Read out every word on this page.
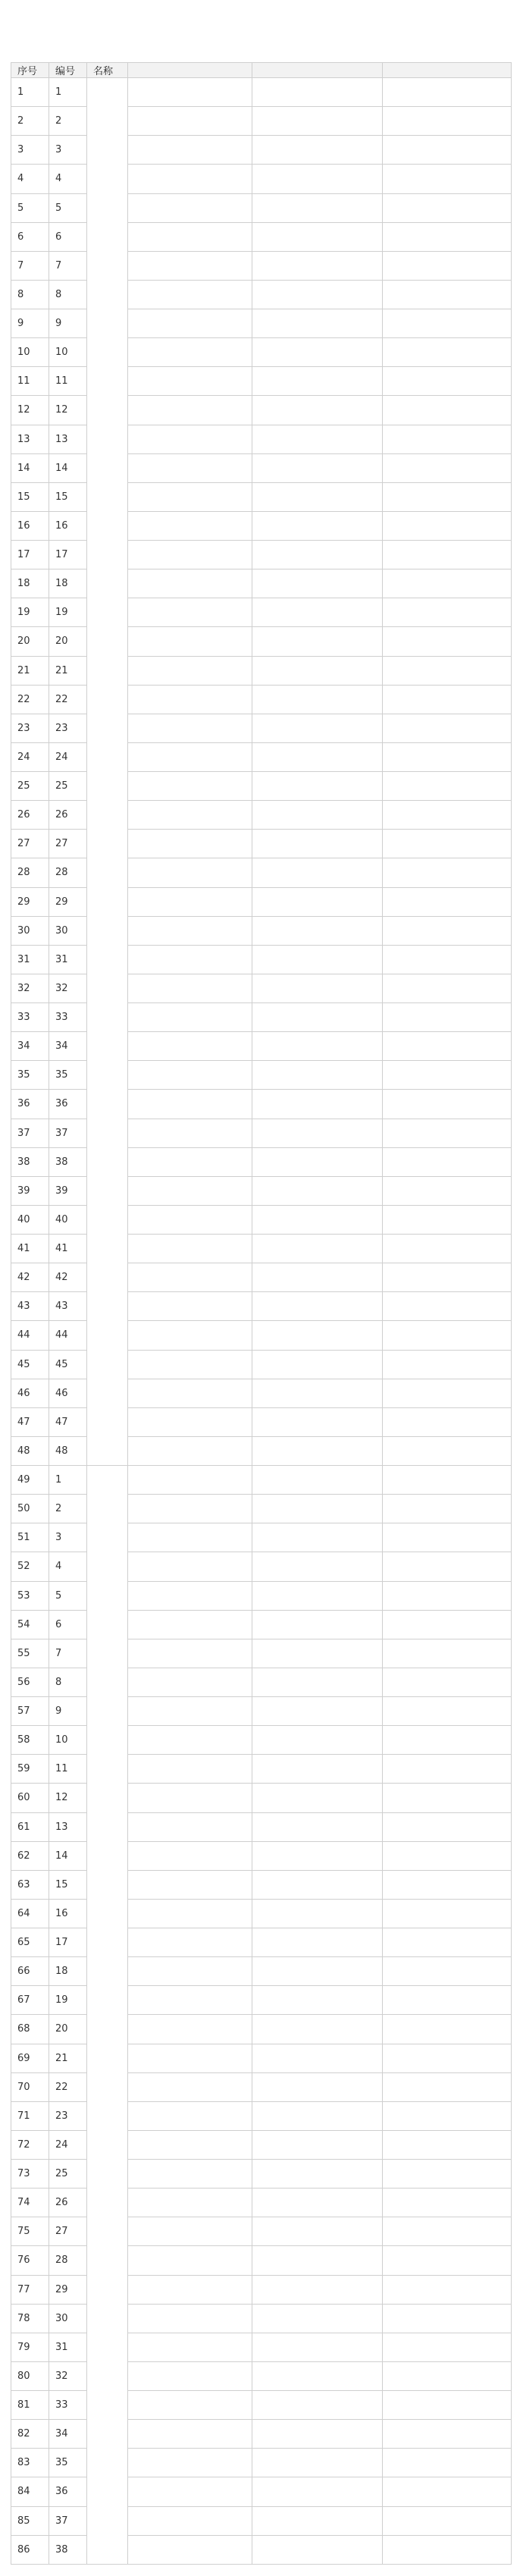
序号	编号	名称			
1	1				
2	2				
3	3				
4	4				
5	5				
6	6				
7	7				
8	8				
9	9				
10	10				
11	11				
12	12				
13	13				
14	14				
15	15				
16	16				
17	17				
18	18				
19	19				
20	20				
21	21				
22	22				
23	23				
24	24				
25	25				
26	26				
27	27				
28	28				
29	29				
30	30				
31	31				
32	32				
33	33				
34	34				
35	35				
36	36				
37	37				
38	38				
39	39				
40	40				
41	41				
42	42				
43	43				
44	44				
45	45				
46	46				
47	47				
48	48				
49	1				
50	2				
51	3				
52	4				
53	5				
54	6				
55	7				
56	8				
57	9				
58	10				
59	11				
60	12				
61	13				
62	14				
63	15				
64	16				
65	17				
66	18				
67	19				
68	20				
69	21				
70	22				
71	23				
72	24				
73	25				
74	26				
75	27				
76	28				
77	29				
78	30				
79	31				
80	32				
81	33				
82	34				
83	35				
84	36				
85	37				
86	38				
